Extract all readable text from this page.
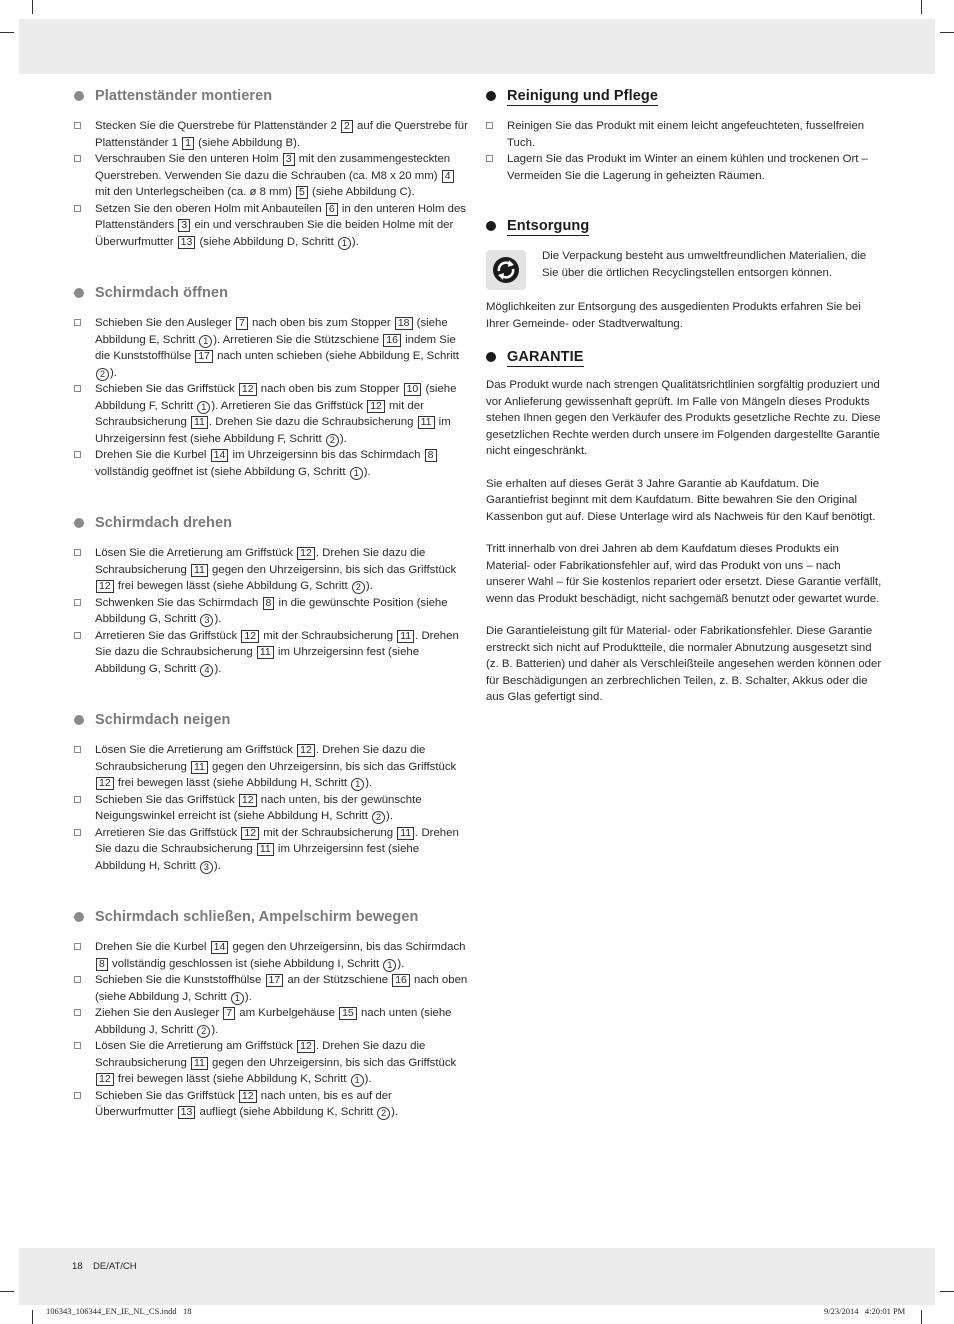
Plattenständer montieren
Stecken Sie die Querstrebe für Plattenständer 2 2 auf die Querstrebe für Plattenständer 1 1 (siehe Abbildung B).
Verschrauben Sie den unteren Holm 3 mit den zusammengesteckten Querstreben. Verwenden Sie dazu die Schrauben (ca. M8 x 20 mm) 4 mit den Unterlegscheiben (ca. ø 8 mm) 5 (siehe Abbildung C).
Setzen Sie den oberen Holm mit Anbauteilen 6 in den unteren Holm des Plattenständers 3 ein und verschrauben Sie die beiden Holme mit der Überwurfmutter 13 (siehe Abbildung D, Schritt 1 ).
Schirmdach öffnen
Schieben Sie den Ausleger 7 nach oben bis zum Stopper 18 (siehe Abbildung E, Schritt 1 ). Arretieren Sie die Stützschiene 16 indem Sie die Kunststoffhülse 17 nach unten schieben (siehe Abbildung E, Schritt 2 ).
Schieben Sie das Griffstück 12 nach oben bis zum Stopper 10 (siehe Abbildung F, Schritt 1 ). Arretieren Sie das Griffstück 12 mit der Schraubsicherung 11 . Drehen Sie dazu die Schraubsicherung 11 im Uhrzeigersinn fest (siehe Abbildung F, Schritt 2 ).
Drehen Sie die Kurbel 14 im Uhrzeigersinn bis das Schirmdach 8 vollständig geöffnet ist (siehe Abbildung G, Schritt 1 ).
Schirmdach drehen
Lösen Sie die Arretierung am Griffstück 12 . Drehen Sie dazu die Schraubsicherung 11 gegen den Uhrzeigersinn, bis sich das Griffstück 12 frei bewegen lässt (siehe Abbildung G, Schritt 2 ).
Schwenken Sie das Schirmdach 8 in die gewünschte Position (siehe Abbildung G, Schritt 3 ).
Arretieren Sie das Griffstück 12 mit der Schraubsicherung 11 . Drehen Sie dazu die Schraubsicherung 11 im Uhrzeigersinn fest (siehe Abbildung G, Schritt 4 ).
Schirmdach neigen
Lösen Sie die Arretierung am Griffstück 12 . Drehen Sie dazu die Schraubsicherung 11 gegen den Uhrzeigersinn, bis sich das Griffstück 12 frei bewegen lässt (siehe Abbildung H, Schritt 1 ).
Schieben Sie das Griffstück 12 nach unten, bis der gewünschte Neigungswinkel erreicht ist (siehe Abbildung H, Schritt 2 ).
Arretieren Sie das Griffstück 12 mit der Schraubsicherung 11 . Drehen Sie dazu die Schraubsicherung 11 im Uhrzeigersinn fest (siehe Abbildung H, Schritt 3 ).
Schirmdach schließen, Ampelschirm bewegen
Drehen Sie die Kurbel 14 gegen den Uhrzeigersinn, bis das Schirmdach 8 vollständig geschlossen ist (siehe Abbildung I, Schritt 1 ).
Schieben Sie die Kunststoffhülse 17 an der Stützschiene 16 nach oben (siehe Abbildung J, Schritt 1 ).
Ziehen Sie den Ausleger 7 am Kurbelgehäuse 15 nach unten (siehe Abbildung J, Schritt 2 ).
Lösen Sie die Arretierung am Griffstück 12 . Drehen Sie dazu die Schraubsicherung 11 gegen den Uhrzeigersinn, bis sich das Griffstück 12 frei bewegen lässt (siehe Abbildung K, Schritt 1 ).
Schieben Sie das Griffstück 12 nach unten, bis es auf der Überwurfmutter 13 aufliegt (siehe Abbildung K, Schritt 2 ).
Reinigung und Pflege
Reinigen Sie das Produkt mit einem leicht angefeuchteten, fusselfreien Tuch.
Lagern Sie das Produkt im Winter an einem kühlen und trockenen Ort – Vermeiden Sie die Lagerung in geheizten Räumen.
Entsorgung

Die Verpackung besteht aus umweltfreundlichen Materialien, die Sie über die örtlichen Recyclingstellen entsorgen können.

Möglichkeiten zur Entsorgung des ausgedienten Produkts erfahren Sie bei Ihrer Gemeinde- oder Stadtverwaltung.

GARANTIE

Das Produkt wurde nach strengen Qualitätsrichtlinien sorgfältig produziert und vor Anlieferung gewissenhaft geprüft. Im Falle von Mängeln dieses Produkts stehen Ihnen gegen den Verkäufer des Produkts gesetzliche Rechte zu. Diese gesetzlichen Rechte werden durch unsere im Folgenden dargestellte Garantie nicht eingeschränkt.

Sie erhalten auf dieses Gerät 3 Jahre Garantie ab Kaufdatum. Die Garantiefrist beginnt mit dem Kaufdatum. Bitte bewahren Sie den Original Kassenbon gut auf. Diese Unterlage wird als Nachweis für den Kauf benötigt.

Tritt innerhalb von drei Jahren ab dem Kaufdatum dieses Produkts ein Material- oder Fabrikationsfehler auf, wird das Produkt von uns – nach unserer Wahl – für Sie kostenlos repariert oder ersetzt. Diese Garantie verfällt, wenn das Produkt beschädigt, nicht sachgemäß benutzt oder gewartet wurde.

Die Garantieleistung gilt für Material- oder Fabrikationsfehler. Diese Garantie erstreckt sich nicht auf Produktteile, die normaler Abnutzung ausgesetzt sind (z. B. Batterien) und daher als Verschleißteile angesehen werden können oder für Beschädigungen an zerbrechlichen Teilen, z. B. Schalter, Akkus oder die aus Glas gefertigt sind.

18 DE/AT/CH
106343_106344_EN_IE_NL_CS.indd   18	9/23/2014   4:20:01 PM
